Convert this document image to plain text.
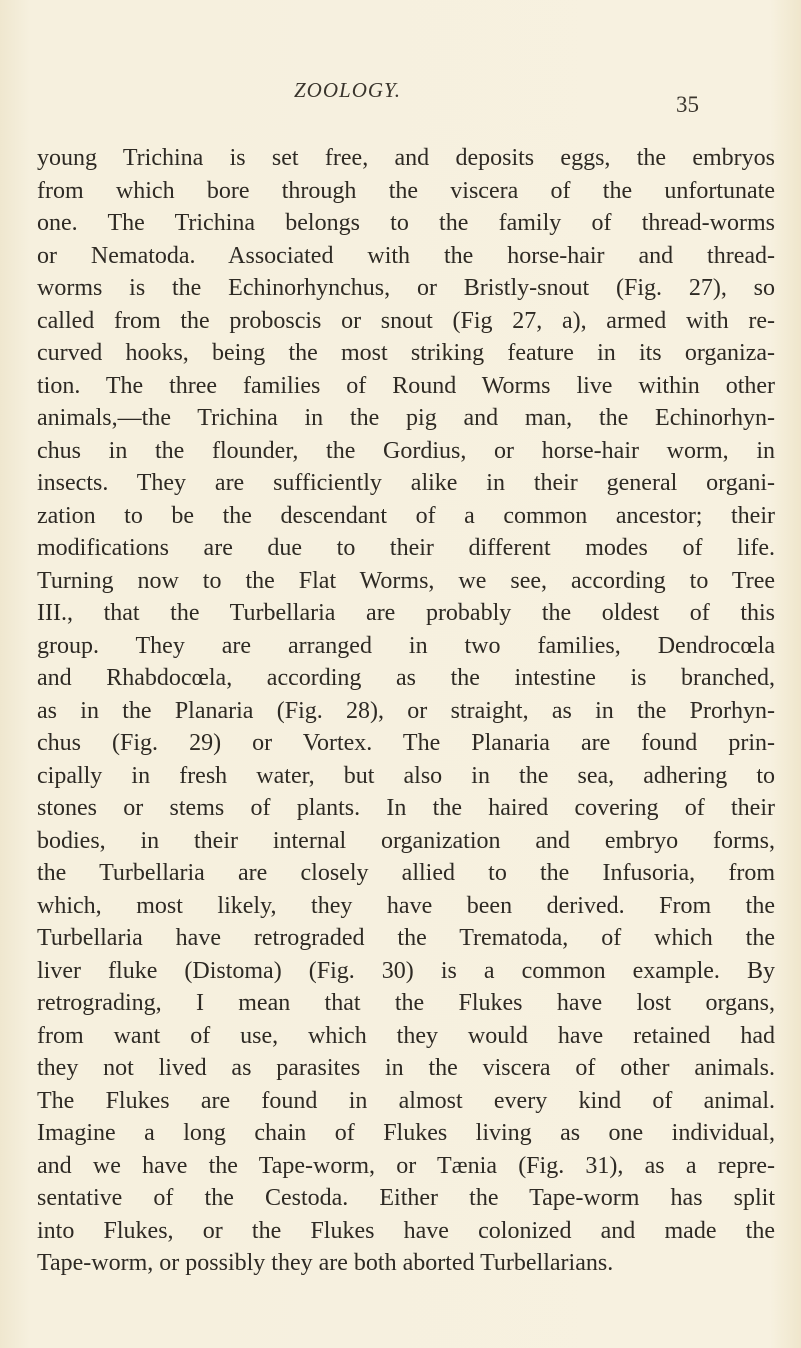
ZOOLOGY.
35
young Trichina is set free, and deposits eggs, the embryos
from which bore through the viscera of the unfortunate
one. The Trichina belongs to the family of thread-worms
or Nematoda. Associated with the horse-hair and thread-
worms is the Echinorhynchus, or Bristly-snout (Fig. 27), so
called from the proboscis or snout (Fig 27, a), armed with re-
curved hooks, being the most striking feature in its organiza-
tion. The three families of Round Worms live within other
animals,—the Trichina in the pig and man, the Echinorhyn-
chus in the flounder, the Gordius, or horse-hair worm, in
insects. They are sufficiently alike in their general organi-
zation to be the descendant of a common ancestor; their
modifications are due to their different modes of life.
Turning now to the Flat Worms, we see, according to Tree
III., that the Turbellaria are probably the oldest of this
group. They are arranged in two families, Dendrocœla
and Rhabdocœla, according as the intestine is branched,
as in the Planaria (Fig. 28), or straight, as in the Prorhyn-
chus (Fig. 29) or Vortex. The Planaria are found prin-
cipally in fresh water, but also in the sea, adhering to
stones or stems of plants. In the haired covering of their
bodies, in their internal organization and embryo forms,
the Turbellaria are closely allied to the Infusoria, from
which, most likely, they have been derived. From the
Turbellaria have retrograded the Trematoda, of which the
liver fluke (Distoma) (Fig. 30) is a common example. By
retrograding, I mean that the Flukes have lost organs,
from want of use, which they would have retained had
they not lived as parasites in the viscera of other animals.
The Flukes are found in almost every kind of animal.
Imagine a long chain of Flukes living as one individual,
and we have the Tape-worm, or Tænia (Fig. 31), as a repre-
sentative of the Cestoda. Either the Tape-worm has split
into Flukes, or the Flukes have colonized and made the
Tape-worm, or possibly they are both aborted Turbellarians.
